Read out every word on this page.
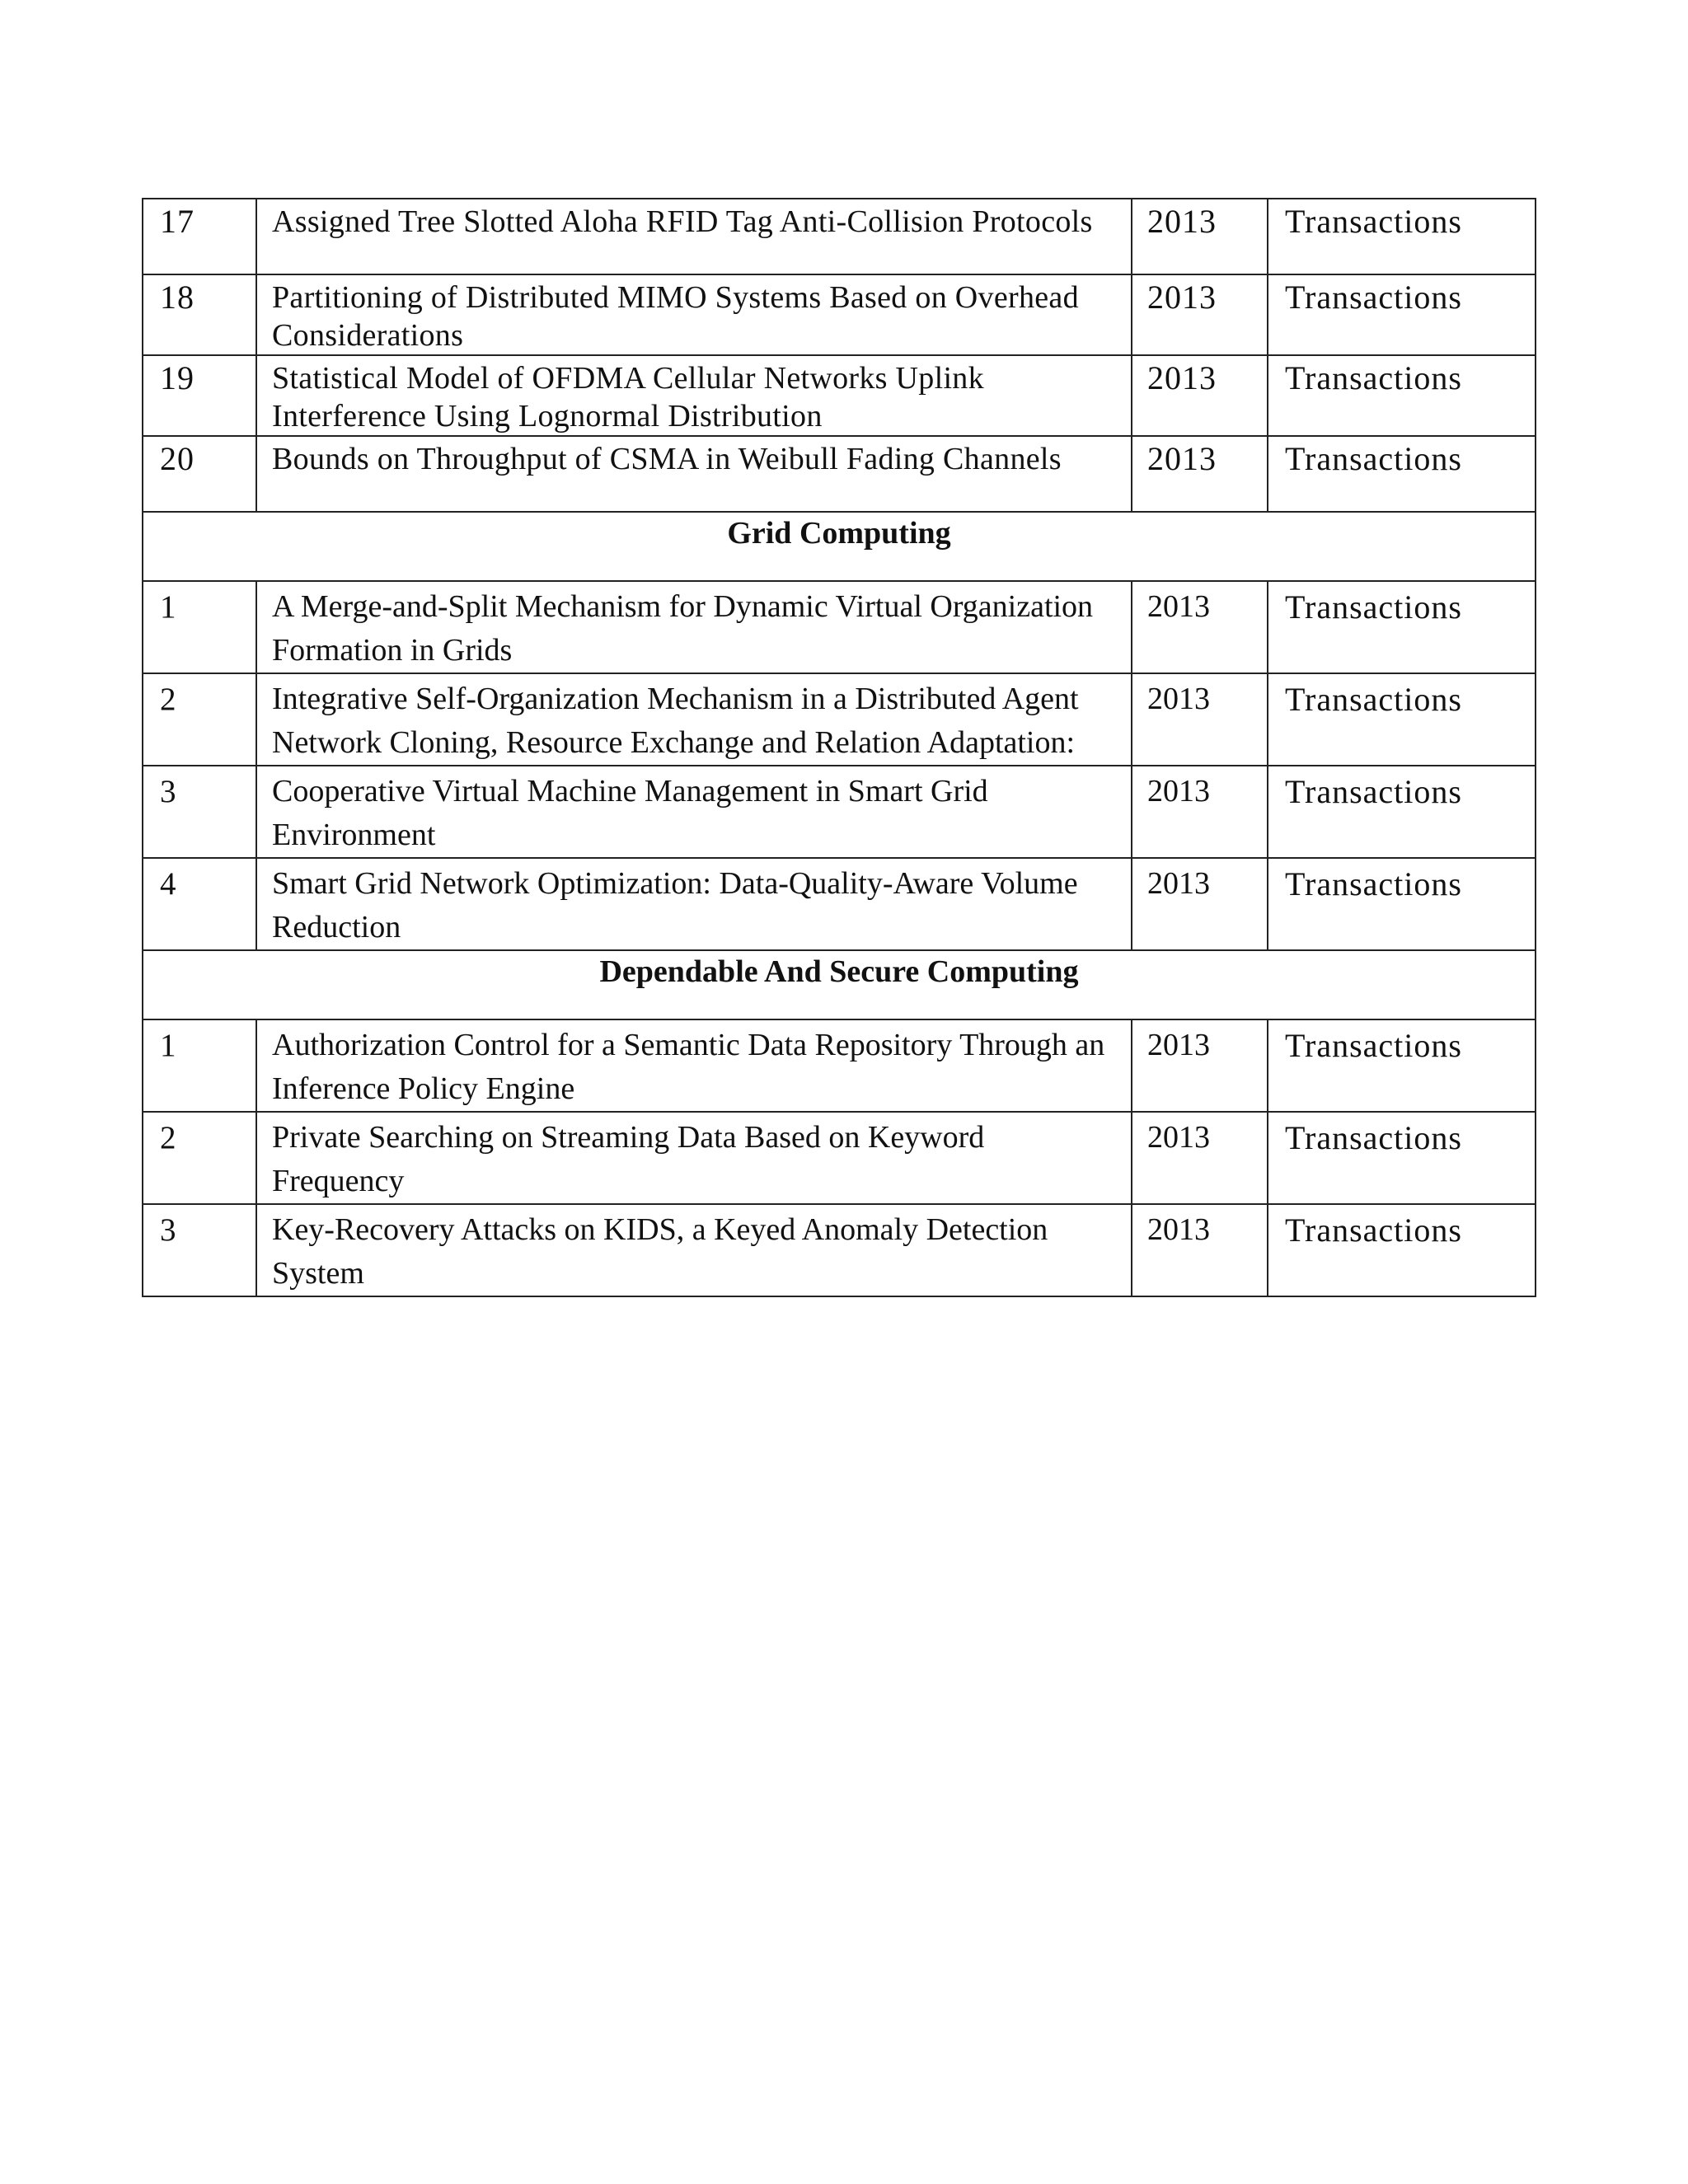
17	Assigned Tree Slotted Aloha RFID Tag Anti-Collision Protocols	2013	Transactions
18	Partitioning of Distributed MIMO Systems Based on Overhead Considerations	2013	Transactions
19	Statistical Model of OFDMA Cellular Networks Uplink Interference Using Lognormal Distribution	2013	Transactions
20	Bounds on Throughput of CSMA in Weibull Fading Channels	2013	Transactions
Grid Computing			
1	A Merge-and-Split Mechanism for Dynamic Virtual Organization Formation in Grids	2013	Transactions
2	Integrative Self-Organization Mechanism in a Distributed Agent Network Cloning, Resource Exchange and Relation Adaptation:	2013	Transactions
3	Cooperative Virtual Machine Management in Smart Grid Environment	2013	Transactions
4	Smart Grid Network Optimization: Data-Quality-Aware Volume Reduction	2013	Transactions
Dependable And Secure Computing			
1	Authorization Control for a Semantic Data Repository Through an Inference Policy Engine	2013	Transactions
2	Private Searching on Streaming Data Based on Keyword Frequency	2013	Transactions
3	Key-Recovery Attacks on KIDS, a Keyed Anomaly Detection System	2013	Transactions
